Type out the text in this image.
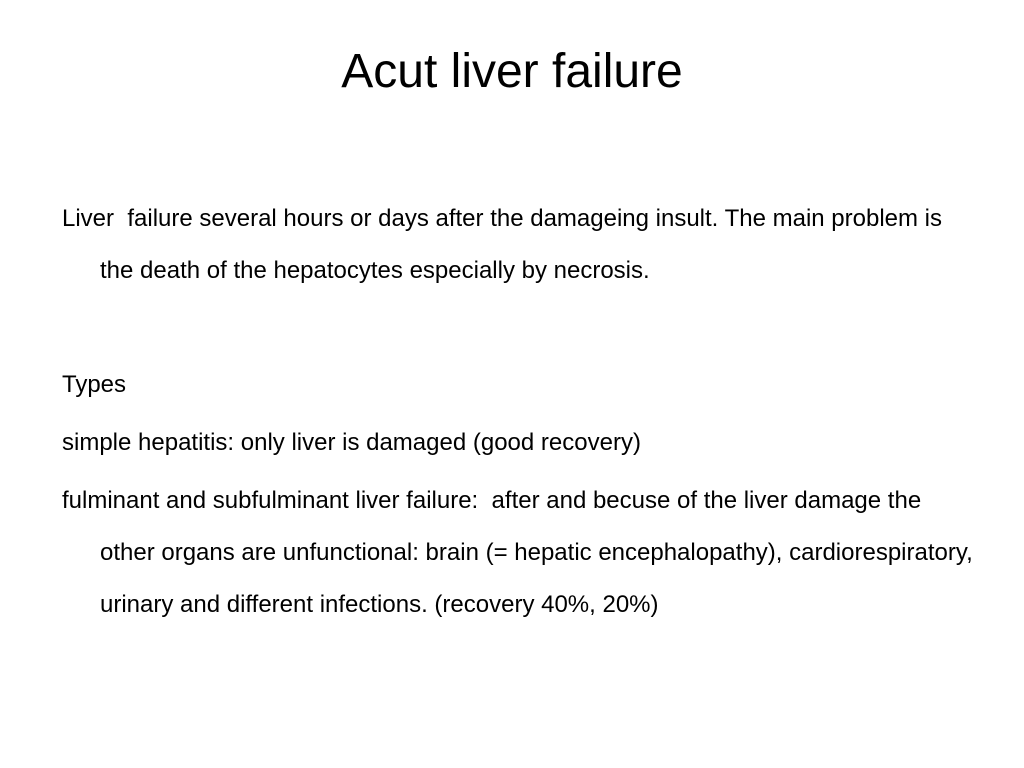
Acut liver failure

Liver  failure several hours or days after the damageing insult. The main problem is the death of the hepatocytes especially by necrosis.

Types

simple hepatitis: only liver is damaged (good recovery)

fulminant and subfulminant liver failure:  after and becuse of the liver damage the other organs are unfunctional: brain (= hepatic encephalopathy), cardiorespiratory, urinary and different infections. (recovery 40%, 20%)
